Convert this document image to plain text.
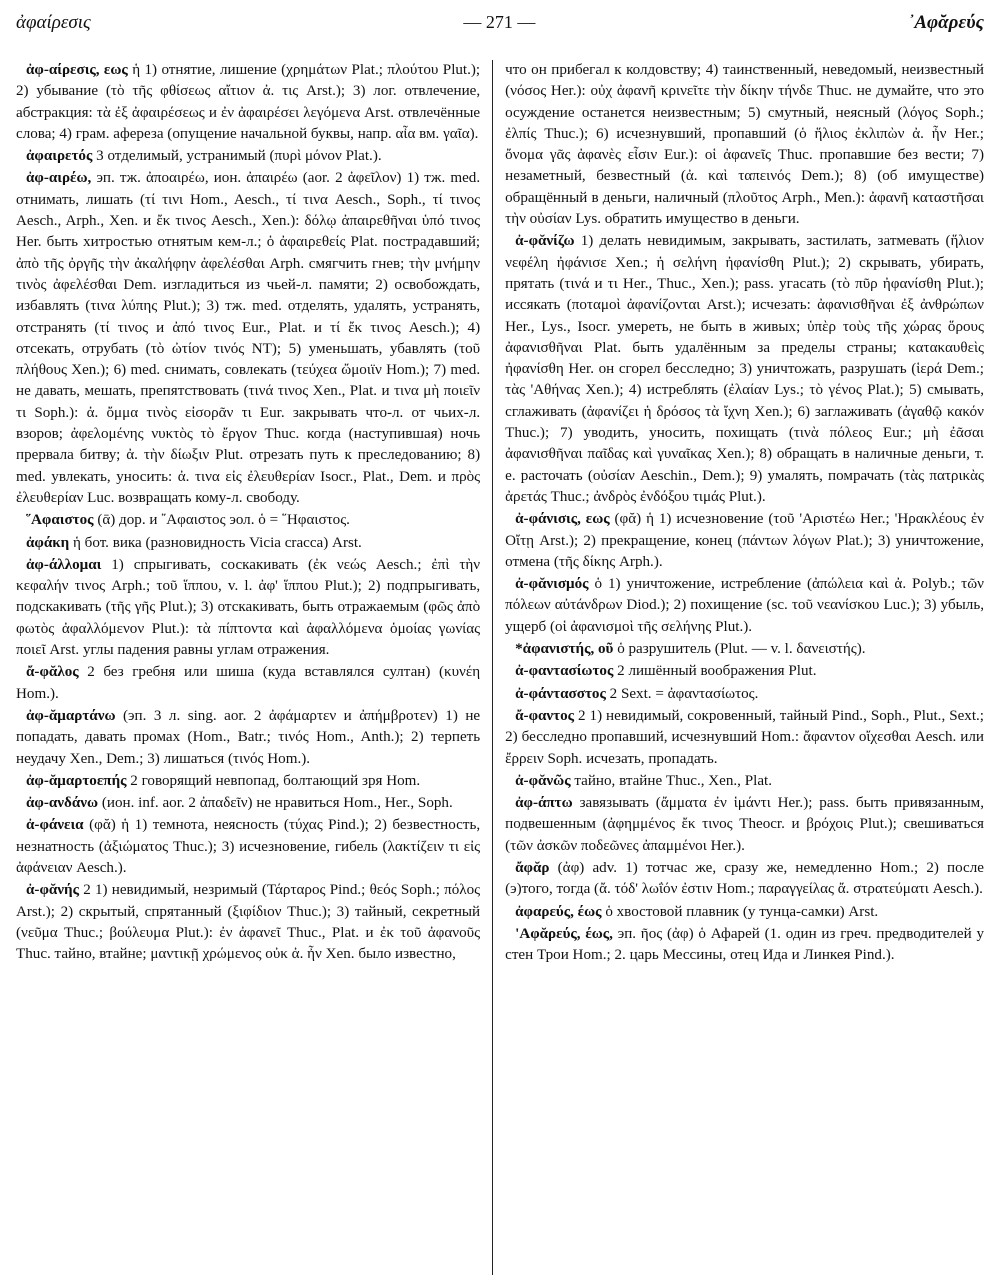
ἀφαίρεσις	— 271 —	᾿Αφᾰρεύς

ἀφ-αίρεσις, εως ἡ 1) отнятие, лишение (χρημάτων Plat.; πλούτου Plut.); 2) убывание (τὸ τῆς φθίσεως αἴτιον ἀ. τις Arst.); 3) лог. отвлечение, абстракция: τὰ ἐξ ἀφαιρέσεως и ἐν ἀφαιρέσει λεγόμενα Arst. отвлечённые слова; 4) грам. афереза (опущение начальной буквы, напр. αἶα вм. γαῖα).

ἀφαιρετός 3 отделимый, устранимый (πυρὶ μόνον Plat.).

ἀφ-αιρέω, эп. тж. ἀποαιρέω, ион. ἀπαιρέω (aor. 2 ἀφεῖλον) 1) тж. med. отнимать, лишать (τί τινι Hom., Aesch., τί τινα Aesch., Soph., τί τινος Aesch., Arph., Xen. и ἔκ τινος Aesch., Xen.): δόλῳ ἀπαιρεθῆναι ὑπό τινος Her. быть хитростью отнятым кем-л.; ὁ ἀφαιρεθείς Plat. пострадавший; ἀπὸ τῆς ὀργῆς τὴν ἀκαλήφην ἀφελέσθαι Arph. смягчить гнев; τὴν μνήμην τινὸς ἀφελέσθαι Dem. изгладиться из чьей-л. памяти; 2) освобождать, избавлять (τινα λύπης Plut.); 3) тж. med. отделять, удалять, устранять, отстранять (τί τινος и ἀπό τινος Eur., Plat. и τί ἔκ τινος Aesch.); 4) отсекать, отрубать (τὸ ὠτίον τινός NT); 5) уменьшать, убавлять (τοῦ πλήθους Xen.); 6) med. снимать, совлекать (τεύχεα ὤμοιϊν Hom.); 7) med. не давать, мешать, препятствовать (τινά τινος Xen., Plat. и τινα μὴ ποιεῖν τι Soph.): ἀ. ὄμμα τινὸς εἰσορᾶν τι Eur. закрывать что-л. от чьих-л. взоров; ἀφελομένης νυκτὸς τὸ ἔργον Thuc. когда (наступившая) ночь прервала битву; ἀ. τὴν δίωξιν Plut. отрезать путь к преследованию; 8) med. увлекать, уносить: ἀ. τινα εἰς ἐλευθερίαν Isocr., Plat., Dem. и πρὸς ἐλευθερίαν Luc. возвращать кому-л. свободу.

῞Αφαιστος (ᾱ) дор. и ῎Αφαιστος эол. ὁ = ῞Ηφαιστος.

ἀφάκη ἡ бот. вика (разновидность Vicia cracca) Arst.

ἀφ-άλλομαι 1) спрыгивать, соскакивать (ἐκ νεώς Aesch.; ἐπὶ τὴν κεφαλήν τινος Arph.; τοῦ ἵππου, v. l. ἀφ' ἵππου Plut.); 2) подпрыгивать, подскакивать (τῆς γῆς Plut.); 3) отскакивать, быть отражаемым (φῶς ἀπὸ φωτὸς ἀφαλλόμενον Plut.): τὰ πίπτοντα καὶ ἀφαλλόμενα ὁμοίας γωνίας ποιεῖ Arst. углы падения равны углам отражения.

ἄ-φᾰλος 2 без гребня или шиша (куда вставлялся султан) (κυνέη Hom.).

ἀφ-ᾰμαρτάνω (эп. 3 л. sing. aor. 2 ἀφάμαρτεν и ἀπήμβροτεν) 1) не попадать, давать промах (Hom., Batr.; τινός Hom., Anth.); 2) терпеть неудачу Xen., Dem.; 3) лишаться (τινός Hom.).

ἀφ-ᾰμαρτοεπής 2 говорящий невпопад, болтающий зря Hom.

ἀφ-ανδάνω (ион. inf. aor. 2 ἀπαδεῖν) не нравиться Hom., Her., Soph.

ἀ-φάνεια (φᾰ) ἡ 1) темнота, неясность (τύχας Pind.); 2) безвестность, незнатность (ἀξιώματος Thuc.); 3) исчезновение, гибель (λακτίζειν τι εἰς ἀφάνειαν Aesch.).

ἀ-φᾰνής 2 1) невидимый, незримый (Τάρταρος Pind.; θεός Soph.; πόλος Arst.); 2) скрытый, спрятанный (ξιφίδιον Thuc.); 3) тайный, секретный (νεῦμα Thuc.; βούλευμα Plut.): ἐν ἀφανεῖ Thuc., Plat. и ἐκ τοῦ ἀφανοῦς Thuc. тайно, втайне; μαντικῇ χρώμενος οὐκ ἀ. ἦν Xen. было известно,

что он прибегал к колдовству; 4) таинственный, неведомый, неизвестный (νόσος Her.): οὐχ ἀφανῆ κρινεῖτε τὴν δίκην τήνδε Thuc. не думайте, что это осуждение останется неизвестным; 5) смутный, неясный (λόγος Soph.; ἐλπίς Thuc.); 6) исчезнувший, пропавший (ὁ ἥλιος ἐκλιπὼν ἀ. ἦν Her.; ὄνομα γᾶς ἀφανὲς εἶσιν Eur.): οἱ ἀφανεῖς Thuc. пропавшие без вести; 7) незаметный, безвестный (ἀ. καὶ ταπεινός Dem.); 8) (об имуществе) обращённый в деньги, наличный (πλοῦτος Arph., Men.): ἀφανῆ καταστῆσαι τὴν οὐσίαν Lys. обратить имущество в деньги.

ἀ-φᾰνίζω 1) делать невидимым, закрывать, застилать, затмевать (ἥλιον νεφέλη ἠφάνισε Xen.; ἡ σελήνη ἠφανίσθη Plut.); 2) скрывать, убирать, прятать (τινά и τι Her., Thuc., Xen.); pass. угасать (τὸ πῦρ ἠφανίσθη Plut.); иссякать (ποταμοὶ ἀφανίζονται Arst.); исчезать: ἀφανισθῆναι ἐξ ἀνθρώπων Her., Lys., Isocr. умереть, не быть в живых; ὑπὲρ τοὺς τῆς χώρας ὅρους ἀφανισθῆναι Plat. быть удалённым за пределы страны; κατακαυθεὶς ἠφανίσθη Her. он сгорел бесследно; 3) уничтожать, разрушать (ἱερά Dem.; τὰς 'Αθήνας Xen.); 4) истреблять (ἐλαίαν Lys.; τὸ γένος Plat.); 5) смывать, сглаживать (ἀφανίζει ἡ δρόσος τὰ ἴχνη Xen.); 6) заглаживать (ἀγαθῷ κακόν Thuc.); 7) уводить, уносить, похищать (τινὰ πόλεος Eur.; μὴ ἐᾶσαι ἀφανισθῆναι παῖδας καὶ γυναῖκας Xen.); 8) обращать в наличные деньги, т. е. расточать (οὐσίαν Aeschin., Dem.); 9) умалять, помрачать (τὰς πατρικὰς ἀρετάς Thuc.; ἀνδρὸς ἐνδόξου τιμάς Plut.).

ἀ-φάνισις, εως (φᾰ) ἡ 1) исчезновение (τοῦ 'Αριστέω Her.; 'Ηρακλέους ἐν Οἴτῃ Arst.); 2) прекращение, конец (πάντων λόγων Plat.); 3) уничтожение, отмена (τῆς δίκης Arph.).

ἀ-φᾰνισμός ὁ 1) уничтожение, истребление (ἀπώλεια καὶ ἀ. Polyb.; τῶν πόλεων αὐτάνδρων Diod.); 2) похищение (sc. τοῦ νεανίσκου Luc.); 3) убыль, ущерб (οἱ ἀφανισμοὶ τῆς σελήνης Plut.).

*ἀφανιστής, οῦ ὁ разрушитель (Plut. — v. l. δανειστής).

ἀ-φαντασίωτος 2 лишённый воображения Plut.

ἀ-φάντασστος 2 Sext. = ἀφαντασίωτος.

ἄ-φαντος 2 1) невидимый, сокровенный, тайный Pind., Soph., Plut., Sext.; 2) бесследно пропавший, исчезнувший Hom.: ἄφαντον οἴχεσθαι Aesch. или ἔρρειν Soph. исчезать, пропадать.

ἀ-φᾰνῶς тайно, втайне Thuc., Xen., Plat.

ἀφ-άπτω завязывать (ἄμματα ἐν ἱμάντι Her.); pass. быть привязанным, подвешенным (ἀφημμένος ἔκ τινος Theocr. и βρόχοις Plut.); свешиваться (τῶν ἀσκῶν ποδεῶνες ἀπαμμένοι Her.).

ἄφᾰρ (ἀφ) adv. 1) тотчас же, сразу же, немедленно Hom.; 2) после (э)того, тогда (ἄ. τόδ' λωΐόν ἐστιν Hom.; παραγγείλας ἄ. στρατεύματι Aesch.).

ἀφαρεύς, έως ὁ хвостовой плавник (у тунца-самки) Arst.

'Αφᾰρεύς, έως, эп. ῆος (ἀφ) ὁ Афарей (1. один из греч. предводителей у стен Трои Hom.; 2. царь Мессины, отец Ида и Линкея Pind.).
